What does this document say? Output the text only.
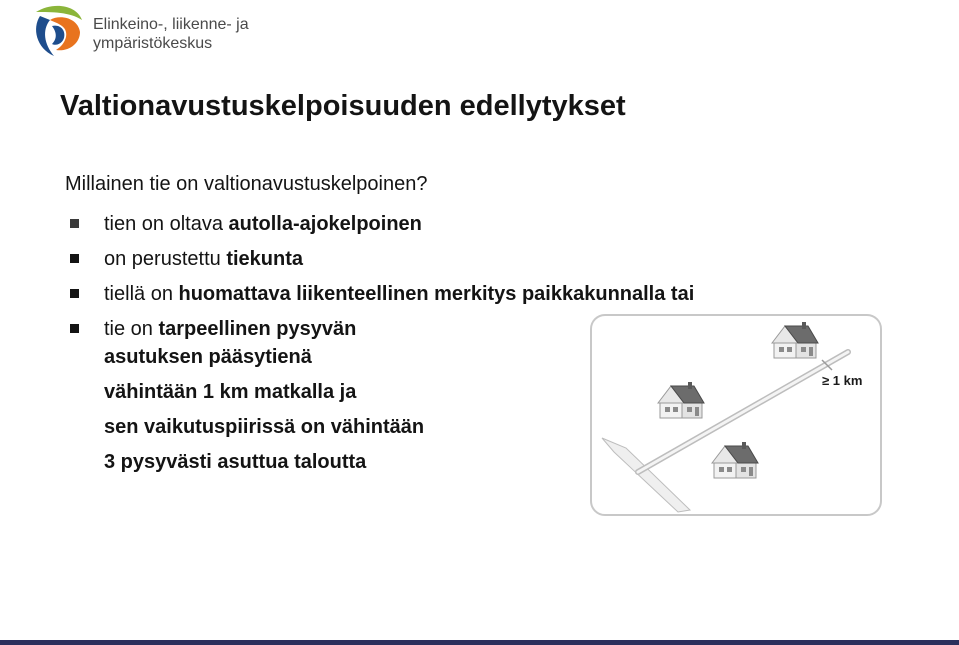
Elinkeino-, liikenne- ja
ympäristökeskus
Valtionavustuskelpoisuuden edellytykset
Millainen tie on valtionavustuskelpoinen?
tien on oltava autolla-ajokelpoinen
on perustettu tiekunta
tiellä on huomattava liikenteellinen merkitys paikkakunnalla tai
tie on tarpeellinen pysyvän
asutuksen pääsytienä
vähintään 1 km matkalla ja
sen vaikutuspiirissä on vähintään
3 pysyvästi asuttua taloutta
≥ 1 km
